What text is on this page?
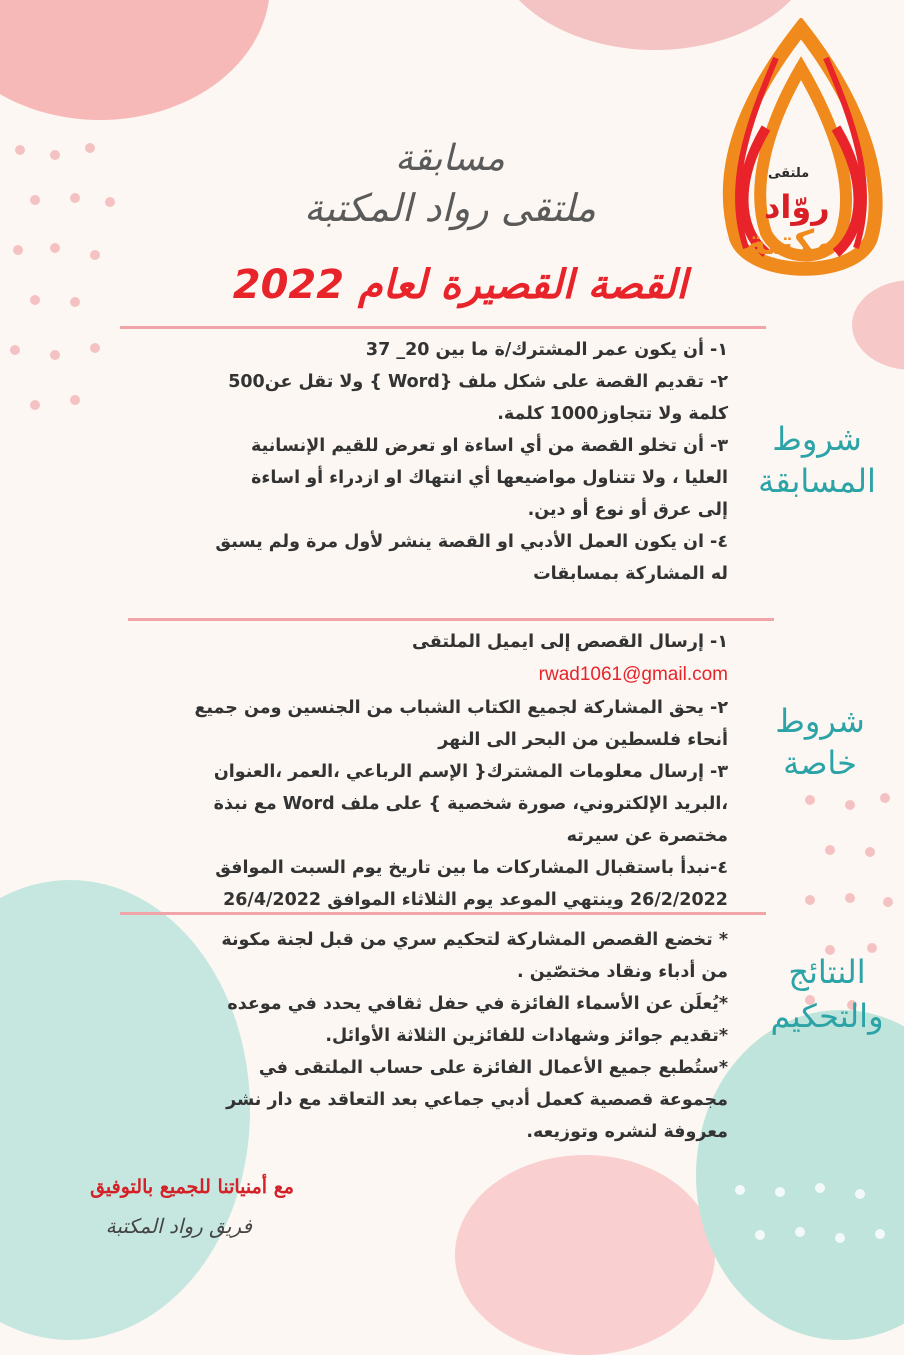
ملتقى
روّاد
مكتبة
مسابقة
ملتقى رواد المكتبة
القصة القصيرة لعام 2022
شروط
المسابقة
شروط
خاصة
النتائج
والتحكيم
١- أن يكون عمر المشترك/ة ما بين 20_ 37
٢- تقديم القصة على شكل ملف {Word } ولا تقل عن500
كلمة ولا تتجاوز1000 كلمة.
٣- أن تخلو القصة من أي اساءة او تعرض للقيم الإنسانية
العليا ، ولا تتناول مواضيعها أي انتهاك او ازدراء أو اساءة
إلى عرق أو نوع أو دين.
٤- ان يكون العمل الأدبي او القصة ينشر لأول مرة ولم يسبق
له المشاركة بمسابقات
١- إرسال القصص إلى ايميل الملتقى
rwad1061@gmail.com
٢- يحق المشاركة لجميع الكتاب الشباب من الجنسين ومن جميع
أنحاء فلسطين من البحر الى النهر
٣- إرسال معلومات المشترك{ الإسم الرباعي ،العمر ،العنوان
،البريد الإلكتروني، صورة شخصية } على ملف Word مع نبذة
مختصرة عن سيرته
٤-نبدأ باستقبال المشاركات ما بين تاريخ يوم السبت الموافق
26/2/2022 وينتهي الموعد يوم الثلاثاء الموافق 26/4/2022
* تخضع القصص المشاركة لتحكيم سري من قبل لجنة مكونة
من أدباء ونقاد مختصّين .
*يُعلَن عن الأسماء الفائزة في حفل ثقافي يحدد في موعده
*تقديم جوائز وشهادات للفائزين الثلاثة الأوائل.
*ستُطبع جميع الأعمال الفائزة على حساب الملتقى في
مجموعة قصصية كعمل أدبي جماعي بعد التعاقد مع دار نشر
معروفة لنشره وتوزيعه.
مع أمنياتنا للجميع بالتوفيق
فريق رواد المكتبة
